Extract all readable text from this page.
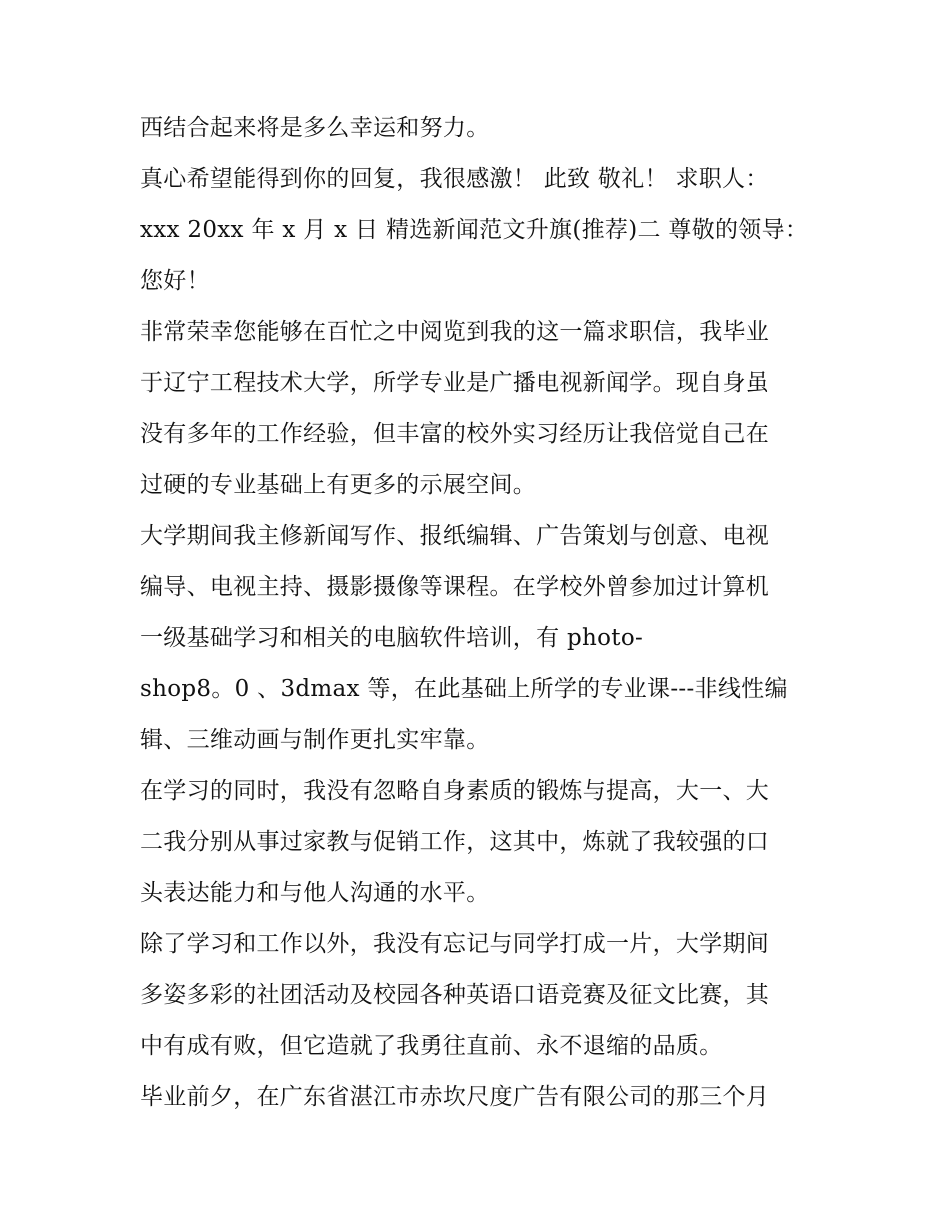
西结合起来将是多么幸运和努力。
真心希望能得到你的回复，我很感激！ 此致 敬礼！ 求职人：
xxx 20xx 年 x 月 x 日 精选新闻范文升旗(推荐)二 尊敬的领导：
您好！
非常荣幸您能够在百忙之中阅览到我的这一篇求职信，我毕业
于辽宁工程技术大学，所学专业是广播电视新闻学。现自身虽
没有多年的工作经验，但丰富的校外实习经历让我倍觉自己在
过硬的专业基础上有更多的示展空间。
大学期间我主修新闻写作、报纸编辑、广告策划与创意、电视
编导、电视主持、摄影摄像等课程。在学校外曾参加过计算机
一级基础学习和相关的电脑软件培训，有 photo-
shop8。0 、3dmax 等，在此基础上所学的专业课---非线性编
辑、三维动画与制作更扎实牢靠。
在学习的同时，我没有忽略自身素质的锻炼与提高，大一、大
二我分别从事过家教与促销工作，这其中，炼就了我较强的口
头表达能力和与他人沟通的水平。
除了学习和工作以外，我没有忘记与同学打成一片，大学期间
多姿多彩的社团活动及校园各种英语口语竞赛及征文比赛，其
中有成有败，但它造就了我勇往直前、永不退缩的品质。
毕业前夕，在广东省湛江市赤坎尺度广告有限公司的那三个月
